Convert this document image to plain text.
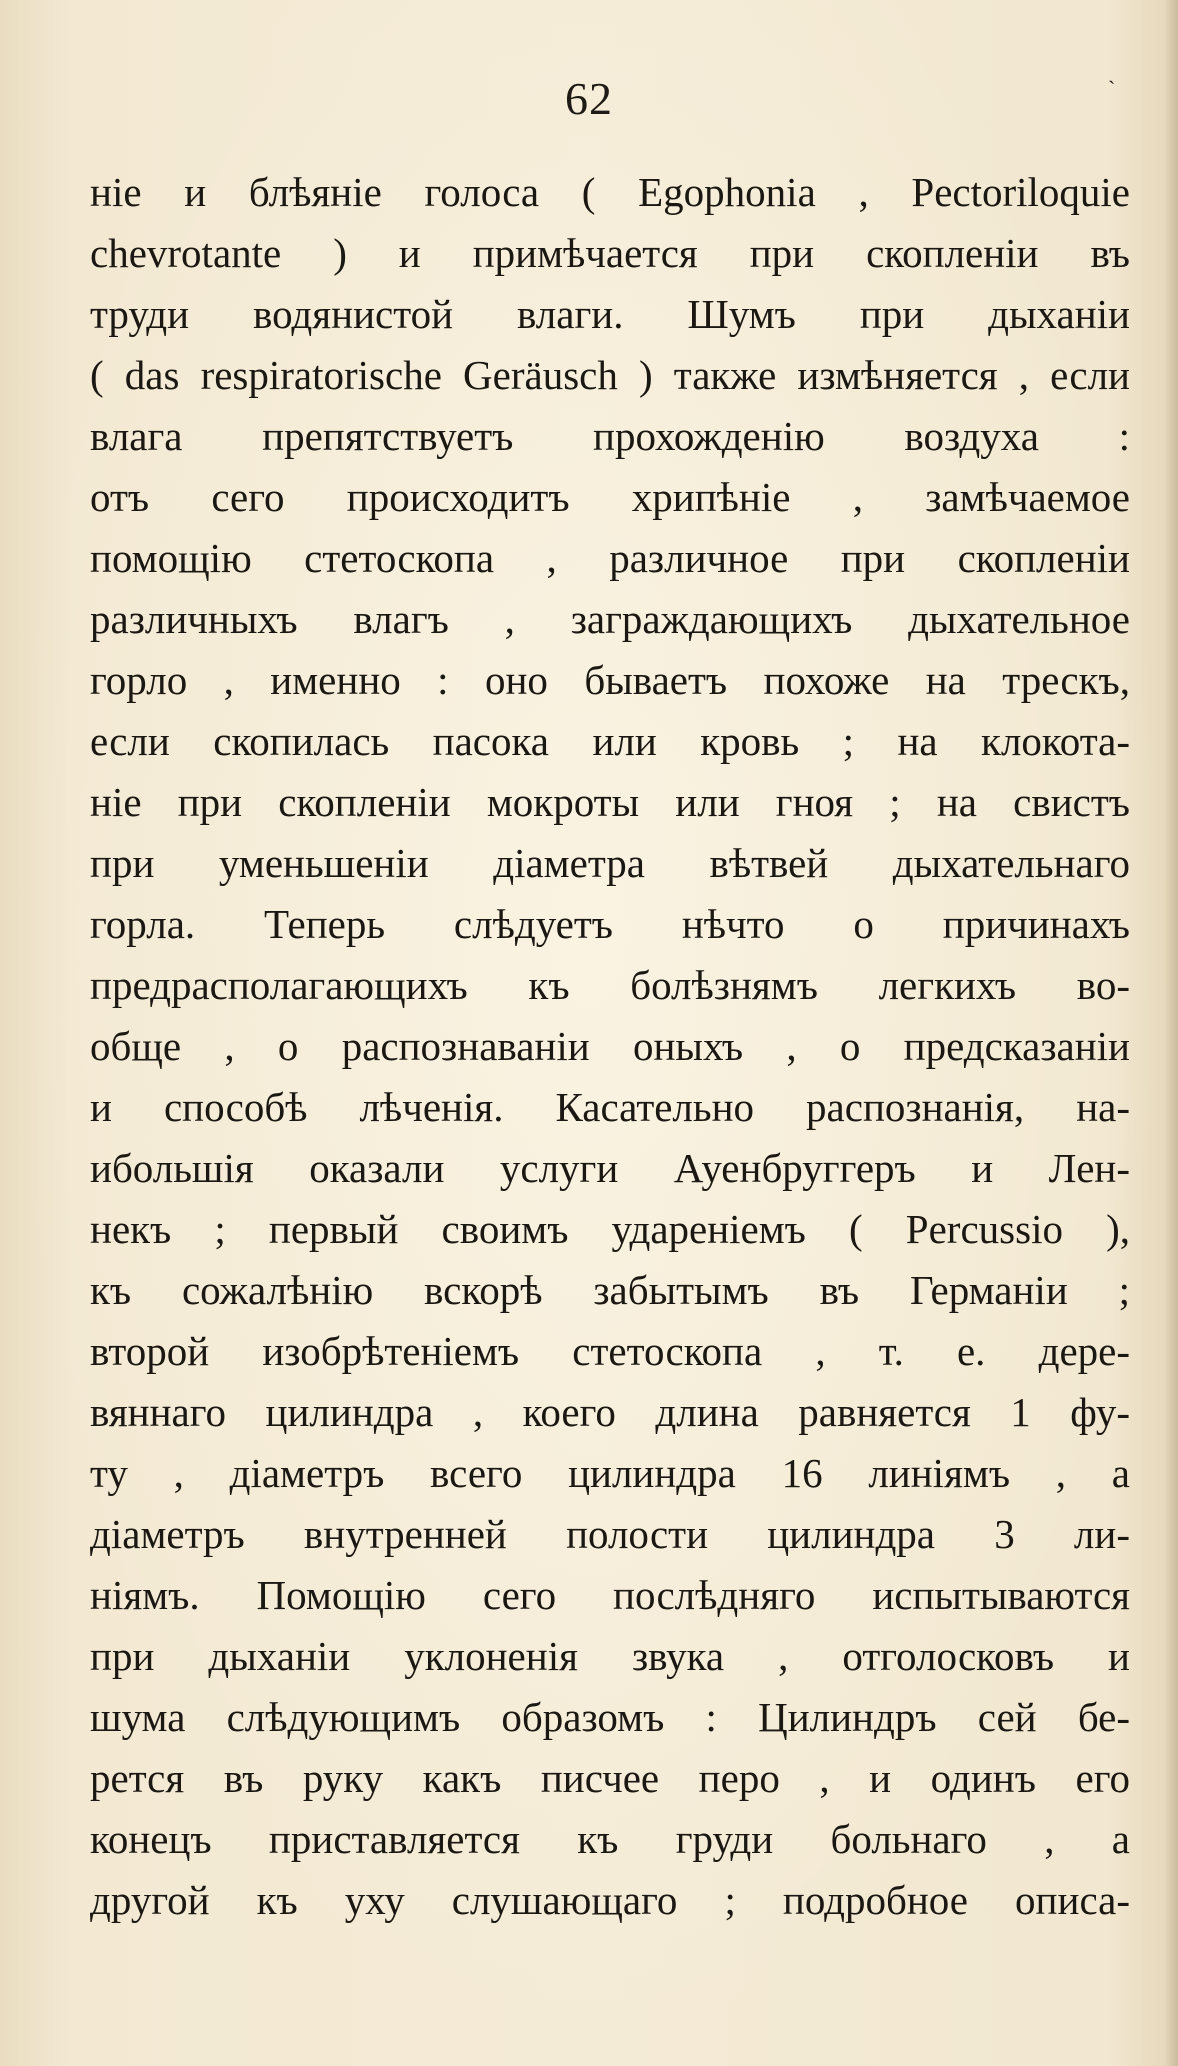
62
ˎ
ніе и блѣяніе голоса ( Egophonia , Pectoriloquie
chevrotante ) и примѣчается при скопленіи въ
труди водянистой влаги. Шумъ при дыханіи
( das respiratorische Geräusch ) также измѣняется , если
влага препятствуетъ прохожденію воздуха :
отъ сего происходитъ хрипѣніе , замѣчаемое
помощію стетоскопа , различное при скопленіи
различныхъ влагъ , заграждающихъ дыхательное
горло , именно : оно бываетъ похоже на трескъ,
если скопилась пасока или кровь ; на клокота-
ніе при скопленіи мокроты или гноя ; на свистъ
при уменьшеніи діаметра вѣтвей дыхательнаго
горла. Теперь слѣдуетъ нѣчто о причинахъ
предрасполагающихъ къ болѣзнямъ легкихъ во-
обще , о распознаваніи оныхъ , о предсказаніи
и способѣ лѣченія. Касательно распознанія, на-
ибольшія оказали услуги Ауенбруггеръ и Лен-
некъ ; первый своимъ удареніемъ ( Percussio ),
къ сожалѣнію вскорѣ забытымъ въ Германіи ;
второй изобрѣтеніемъ стетоскопа , т. е. дере-
вяннаго цилиндра , коего длина равняется 1 фу-
ту , діаметръ всего цилиндра 16 линіямъ , а
діаметръ внутренней полости цилиндра 3 ли-
ніямъ. Помощію сего послѣдняго испытываются
при дыханіи уклоненія звука , отголосковъ и
шума слѣдующимъ образомъ : Цилиндръ сей бе-
рется въ руку какъ писчее перо , и одинъ его
конецъ приставляется къ груди больнаго , а
другой къ уху слушающаго ; подробное описа-
